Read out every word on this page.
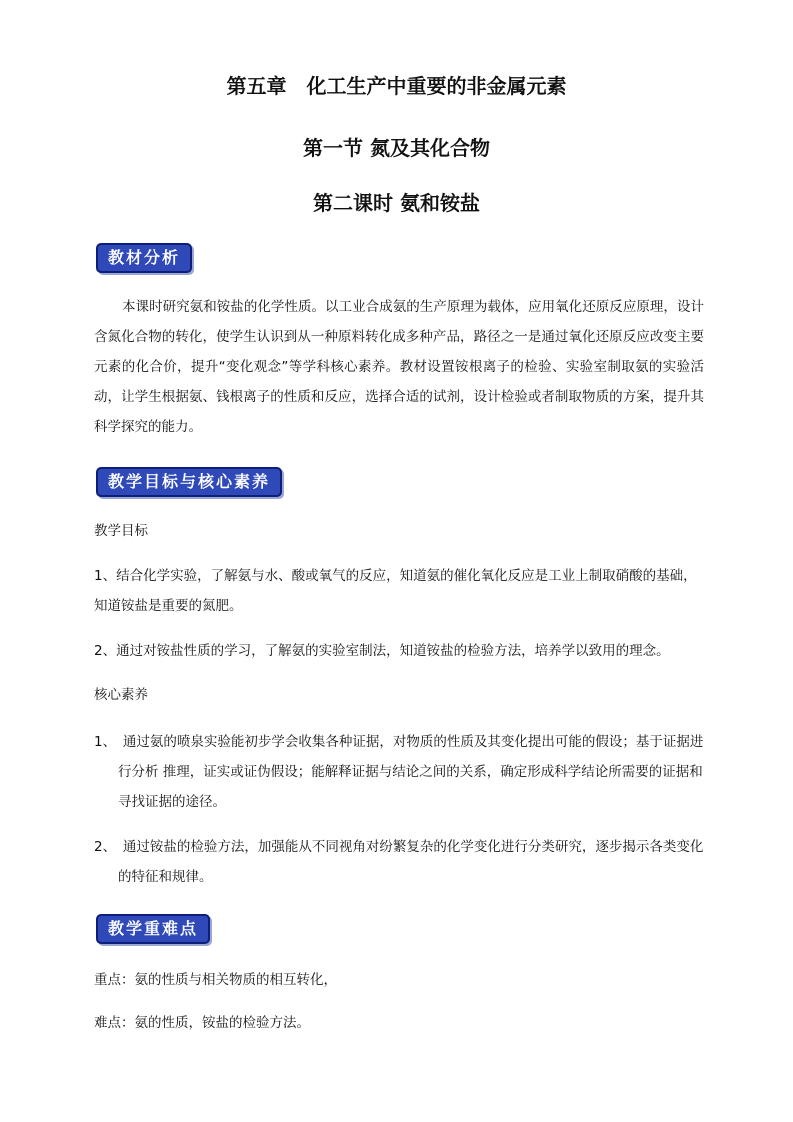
第五章　化工生产中重要的非金属元素
第一节 氮及其化合物
第二课时 氨和铵盐
教材分析

本课时研究氨和铵盐的化学性质。以工业合成氨的生产原理为载体，应用氧化还原反应原理，设计含氮化合物的转化，使学生认识到从一种原料转化成多种产品，路径之一是通过氧化还原反应改变主要元素的化合价，提升“变化观念”等学科核心素养。教材设置铵根离子的检验、实验室制取氨的实验活动，让学生根据氨、钱根离子的性质和反应，选择合适的试剂，设计检验或者制取物质的方案，提升其科学探究的能力。

教学目标与核心素养

教学目标

1、结合化学实验，了解氨与水、酸或氧气的反应，知道氨的催化氧化反应是工业上制取硝酸的基础，知道铵盐是重要的氮肥。

2、通过对铵盐性质的学习，了解氨的实验室制法，知道铵盐的检验方法，培养学以致用的理念。

核心素养

1、　通过氨的喷泉实验能初步学会收集各种证据，对物质的性质及其变化提出可能的假设；基于证据进行分析 推理，证实或证伪假设；能解释证据与结论之间的关系，确定形成科学结论所需要的证据和寻找证据的途径。

2、　通过铵盐的检验方法，加强能从不同视角对纷繁复杂的化学变化进行分类研究，逐步揭示各类变化的特征和规律。

教学重难点

重点：氨的性质与相关物质的相互转化，

难点：氨的性质，铵盐的检验方法。
